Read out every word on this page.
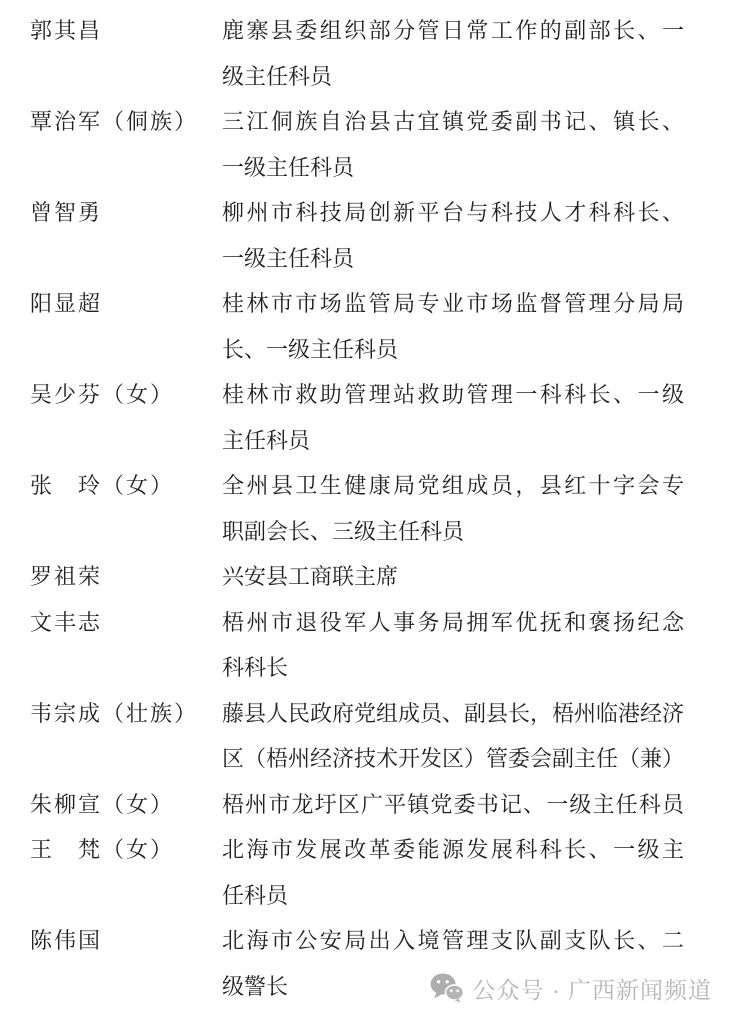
郭其昌	鹿寨县委组织部分管日常工作的副部长、一
级主任科员
覃治军（侗族）	三江侗族自治县古宜镇党委副书记、镇长、
一级主任科员
曾智勇	柳州市科技局创新平台与科技人才科科长、
一级主任科员
阳显超	桂林市市场监管局专业市场监督管理分局局
长、一级主任科员
吴少芬（女）	桂林市救助管理站救助管理一科科长、一级
主任科员
张　玲（女）	全州县卫生健康局党组成员，县红十字会专
职副会长、三级主任科员
罗祖荣	兴安县工商联主席
文丰志	梧州市退役军人事务局拥军优抚和褒扬纪念
科科长
韦宗成（壮族）	藤县人民政府党组成员、副县长，梧州临港经济
区（梧州经济技术开发区）管委会副主任（兼）
朱柳宣（女）	梧州市龙圩区广平镇党委书记、一级主任科员
王　梵（女）	北海市发展改革委能源发展科科长、一级主
任科员
陈伟国	北海市公安局出入境管理支队副支队长、二
级警长	公众号 · 广西新闻频道
